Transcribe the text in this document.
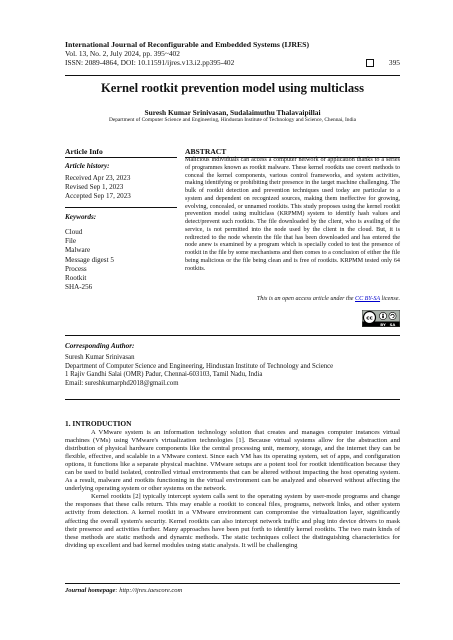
International Journal of Reconfigurable and Embedded Systems (IJRES)
Vol. 13, No. 2, July 2024, pp. 395~402
ISSN: 2089-4864, DOI: 10.11591/ijres.v13.i2.pp395-402	395
Kernel rootkit prevention model using multiclass
Suresh Kumar Srinivasan, Sudalaimuthu Thalavaipillai
Department of Computer Science and Engineering, Hindustan Institute of Technology and Science, Chennai, India
Article Info	ABSTRACT
Article history:
Received Apr 23, 2023
Revised Sep 1, 2023
Accepted Sep 17, 2023
Keywords:
Cloud
File
Malware
Message digest 5
Process
Rootkit
SHA-256
Malicious individuals can access a computer network or application thanks to a series of programmes known as rootkit malware. These kernel rootkits use covert methods to conceal the kernel components, various control frameworks, and system activities, making identifying or prohibiting their presence in the target machine challenging. The bulk of rootkit detection and prevention techniques used today are particular to a system and dependent on recognized sources, making them ineffective for growing, evolving, concealed, or unnamed rootkits. This study proposes using the kernel rootkit prevention model using multiclass (KRPMM) system to identify hash values and detect/prevent such rootkits. The file downloaded by the client, who is availing of the service, is not permitted into the node used by the client in the cloud. But, it is redirected to the node wherein the file that has been downloaded and has entered the node anew is examined by a program which is specially coded to test the presence of rootkit in the file by some mechanisms and then comes to a conclusion of either the file being malicious or the file being clean and is free of rootkits. KRPMM tested only 64 rootkits.
This is an open access article under the CC BY-SA license.
cc
BY SA
Corresponding Author:
Suresh Kumar Srinivasan
Department of Computer Science and Engineering, Hindustan Institute of Technology and Science
1 Rajiv Gandhi Salai (OMR) Padur, Chennai-603103, Tamil Nadu, India
Email: sureshkumarphd2018@gmail.com
1. INTRODUCTION

A VMware system is an information technology solution that creates and manages computer instances virtual machines (VMs) using VMware's virtualization technologies [1]. Because virtual systems allow for the abstraction and distribution of physical hardware components like the central processing unit, memory, storage, and the internet they can be flexible, effective, and scalable in a VMware context. Since each VM has its operating system, set of apps, and configuration options, it functions like a separate physical machine. VMware setups are a potent tool for rootkit identification because they can be used to build isolated, controlled virtual environments that can be altered without impacting the host operating system. As a result, malware and rootkits functioning in the virtual environment can be analyzed and observed without affecting the underlying operating system or other systems on the network.

Kernel rootkits [2] typically intercept system calls sent to the operating system by user-mode programs and change the responses that these calls return. This may enable a rootkit to conceal files, programs, network links, and other system activity from detection. A kernel rootkit in a VMware environment can compromise the virtualization layer, significantly affecting the overall system's security. Kernel rootkits can also intercept network traffic and plug into device drivers to mask their presence and activities further. Many approaches have been put forth to identify kernel rootkits. The two main kinds of these methods are static methods and dynamic methods. The static techniques collect the distinguishing characteristics for dividing up excellent and bad kernel modules using static analysis. It will be challenging

Journal homepage: http://ijres.iaescore.com
